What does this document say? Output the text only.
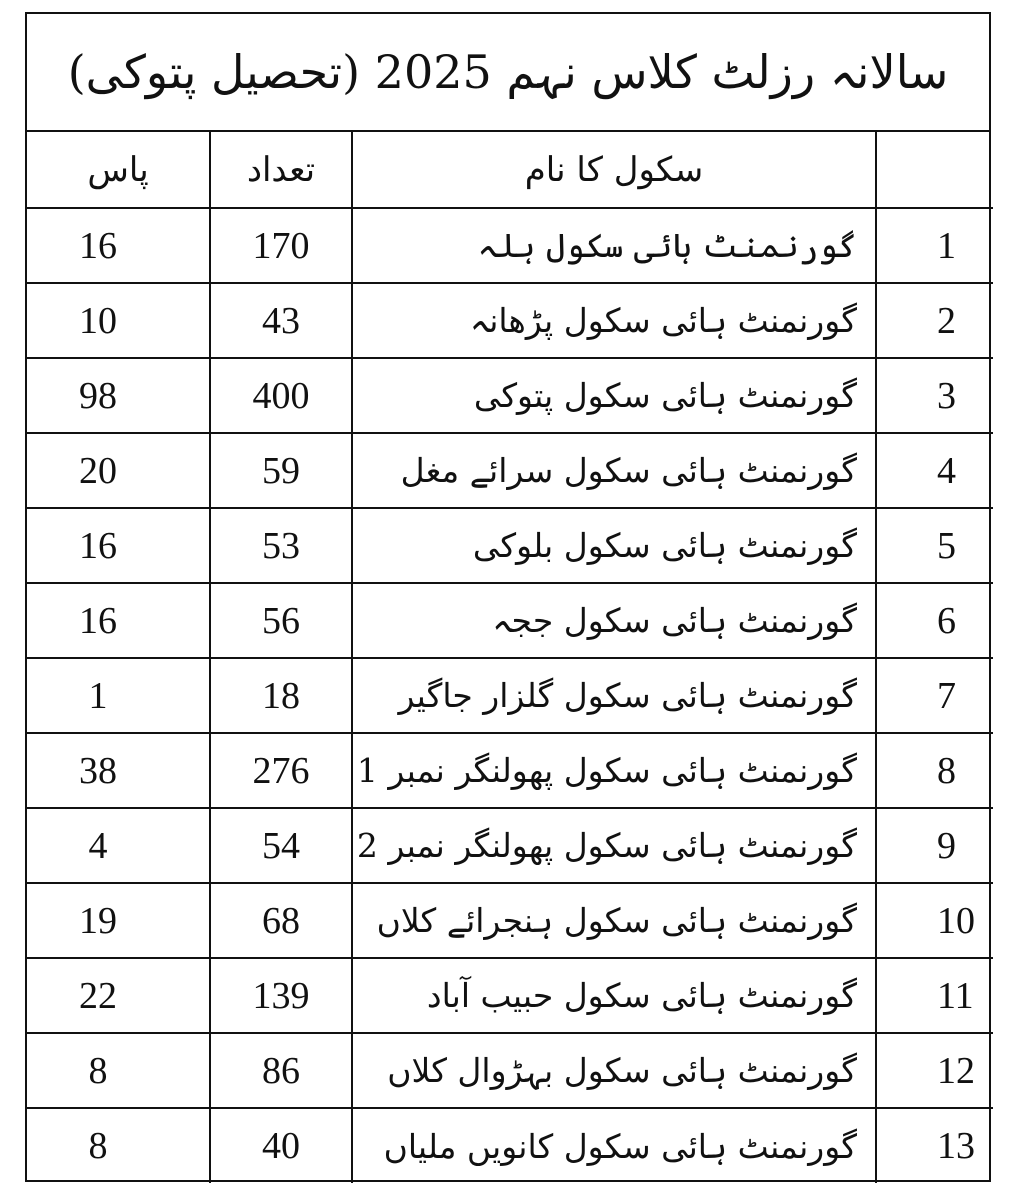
سالانہ رزلٹ کلاس نہم 2025 (تحصیل پتوکی)
پاس	تعداد	سکول کا نام	
16	170	گورنمنٹ ہائی سکول ہلہ	1
10	43	گورنمنٹ ہائی سکول پڑھانہ	2
98	400	گورنمنٹ ہائی سکول پتوکی	3
20	59	گورنمنٹ ہائی سکول سرائے مغل	4
16	53	گورنمنٹ ہائی سکول بلوکی	5
16	56	گورنمنٹ ہائی سکول ججہ	6
1	18	گورنمنٹ ہائی سکول گلزار جاگیر	7
38	276	گورنمنٹ ہائی سکول پھولنگر نمبر 1	8
4	54	گورنمنٹ ہائی سکول پھولنگر نمبر 2	9
19	68	گورنمنٹ ہائی سکول ہنجرائے کلاں	10
22	139	گورنمنٹ ہائی سکول حبیب آباد	11
8	86	گورنمنٹ ہائی سکول بہڑوال کلاں	12
8	40	گورنمنٹ ہائی سکول کانویں ملیاں	13
